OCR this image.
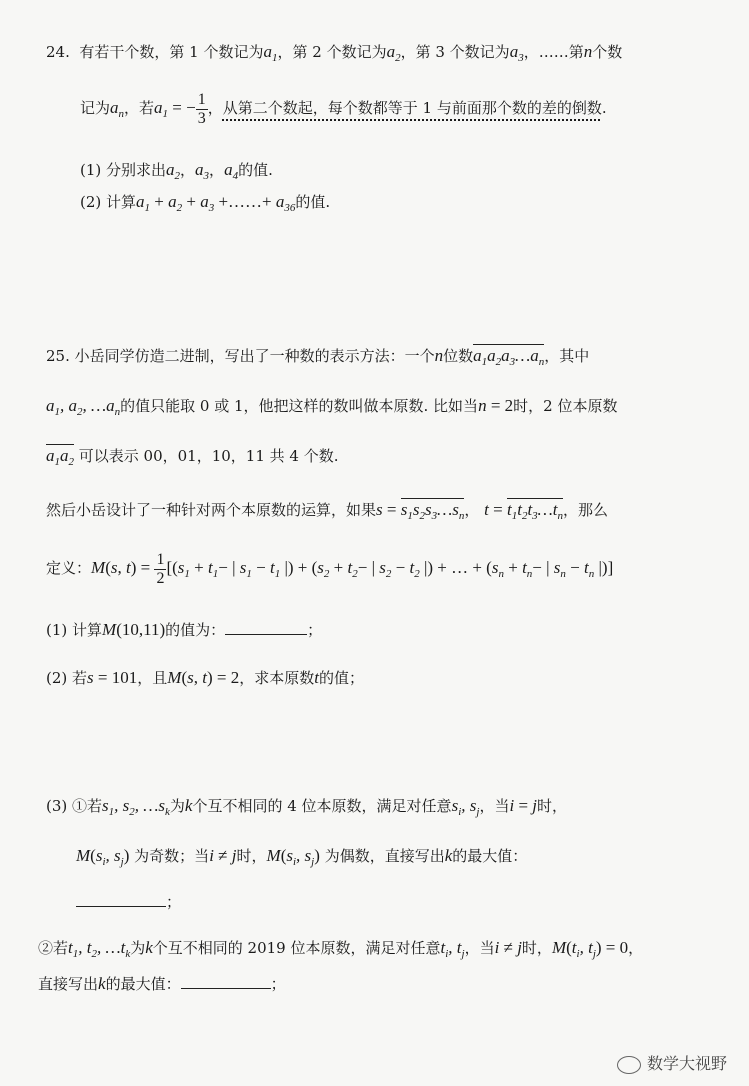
24. 有若干个数，第 1 个数记为$a_1$，第 2 个数记为$a_2$，第 3 个数记为$a_3$，……第n个数
记为$a_n$，若$a_1$ = − $\frac{1}{3}$ ，从第二个数起，每个数都等于 1 与前面那个数的差的倒数.
(1) 分别求出$a_2$，$a_3$，$a_4$的值.
(2) 计算$a_1 + a_2 + a_3$ +……+ $a_{36}$的值.
25. 小岳同学仿造二进制，写出了一种数的表示方法：一个n位数$a_1a_2a_3\dots a_n$，其中
$a_1$, $a_2$, $\dots a_n$的值只能取 0 或 1，他把这样的数叫做本原数. 比如当n = 2时，2 位本原数
$a_1a_2$ 可以表示 00，01，10，11 共 4 个数.
然后小岳设计了一种针对两个本原数的运算，如果$s = s_1s_2s_3\dots s_n$， $t = t_1t_2t_3\dots t_n$，那么
定义：M(s, $t) = \frac{1}{2} [(s_1 + t_1-$ | $s_1 - t_1$ |) + ($s_2 + t_2-$ | $s_2 - t_2$ |) + … + ($s_n + t_n-$ | $s_n - t_n$ |)]
(1) 计算M(10,11)的值为：	；
(2) 若s = 101，且M(s, t) = 2，求本原数t的值；
(3) ①若$s_1$, $s_2$, $\dots s_k$为k个互不相同的 4 位本原数，满足对任意$s_i$, $s_j$，当i = j时，
$M(s_i$, $s_j$) 为奇数；当i ≠ j时，$M(s_i$, $s_j$) 为偶数，直接写出k的最大值：
；
②若$t_1$, $t_2$, $\dots t_k$为k个互不相同的 2019 位本原数，满足对任意$t_i$, $t_j$，当i ≠ j时，$M(t_i$, $t_j) = 0$，
直接写出k的最大值：	；
数学大视野
